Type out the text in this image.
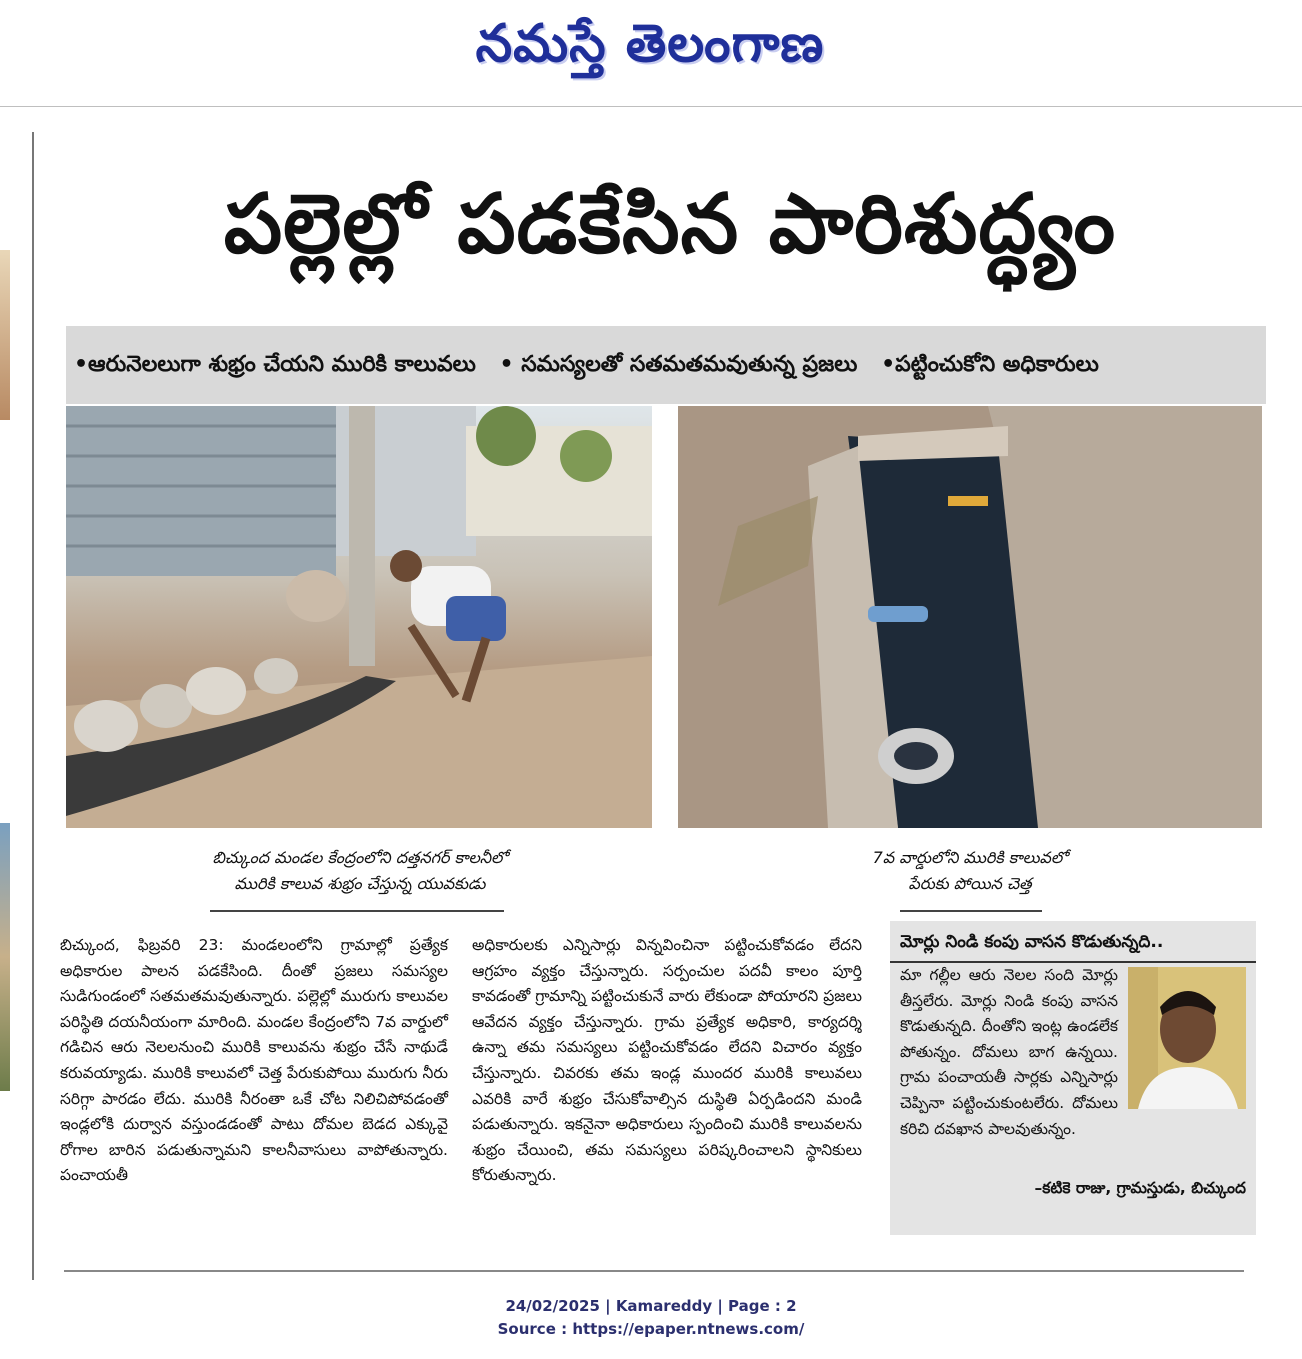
నమస్తే తెలంగాణ
పల్లెల్లో పడకేసిన పారిశుద్ధ్యం
•ఆరునెలలుగా శుభ్రం చేయని మురికి కాలువలు • సమస్యలతో సతమతమవుతున్న ప్రజలు •పట్టించుకోని అధికారులు
బిచ్కుంద మండల కేంద్రంలోని దత్తనగర్ కాలనీలో
మురికి కాలువ శుభ్రం చేస్తున్న యువకుడు
7వ వార్డులోని మురికి కాలువలో
పేరుకు పోయిన చెత్త

బిచ్కుంద, ఫిబ్రవరి 23: మండలంలోని గ్రామాల్లో ప్రత్యేక అధికారుల పాలన పడకేసింది. దీంతో ప్రజలు సమస్యల సుడిగుండంలో సతమతమవుతున్నారు. పల్లెల్లో మురుగు కాలువల పరిస్థితి దయనీయంగా మారింది. మండల కేంద్రంలోని 7వ వార్డులో గడిచిన ఆరు నెలలనుంచి మురికి కాలువను శుభ్రం చేసే నాథుడే కరువయ్యాడు. మురికి కాలువలో చెత్త పేరుకుపోయి మురుగు నీరు సరిగ్గా పారడం లేదు. మురికి నీరంతా ఒకే చోట నిలిచిపోవడంతో ఇండ్లలోకి దుర్వాన వస్తుండడంతో పాటు దోమల బెడద ఎక్కువై రోగాల బారిన పడుతున్నామని కాలనీవాసులు వాపోతున్నారు. పంచాయతీ

అధికారులకు ఎన్నిసార్లు విన్నవించినా పట్టించుకోవడం లేదని ఆగ్రహం వ్యక్తం చేస్తున్నారు. సర్పంచుల పదవీ కాలం పూర్తి కావడంతో గ్రామాన్ని పట్టించుకునే వారు లేకుండా పోయారని ప్రజలు ఆవేదన వ్యక్తం చేస్తున్నారు. గ్రామ ప్రత్యేక అధికారి, కార్యదర్శి ఉన్నా తమ సమస్యలు పట్టించుకోవడం లేదని విచారం వ్యక్తం చేస్తున్నారు. చివరకు తమ ఇండ్ల ముందర మురికి కాలువలు ఎవరికి వారే శుభ్రం చేసుకోవాల్సిన దుస్థితి ఏర్పడిందని మండి పడుతున్నారు. ఇకనైనా అధికారులు స్పందించి మురికి కాలువలను శుభ్రం చేయించి, తమ సమస్యలు పరిష్కరించాలని స్థానికులు కోరుతున్నారు.

మోర్లు నిండి కంపు వాసన కొడుతున్నది..
మా గల్లీల ఆరు నెలల సంది మోర్లు తీస్తలేరు. మోర్లు నిండి కంపు వాసన కొడుతున్నది. దీంతోని ఇంట్ల ఉండలేక పోతున్నం. దోమలు బాగ ఉన్నయి. గ్రామ పంచాయతీ సార్లకు ఎన్నిసార్లు చెప్పినా పట్టించుకుంటలేరు. దోమలు కరిచి దవఖాన పాలవుతున్నం.
–కటికె రాజు, గ్రామస్తుడు, బిచ్కుంద
24/02/2025 | Kamareddy | Page : 2
Source : https://epaper.ntnews.com/
